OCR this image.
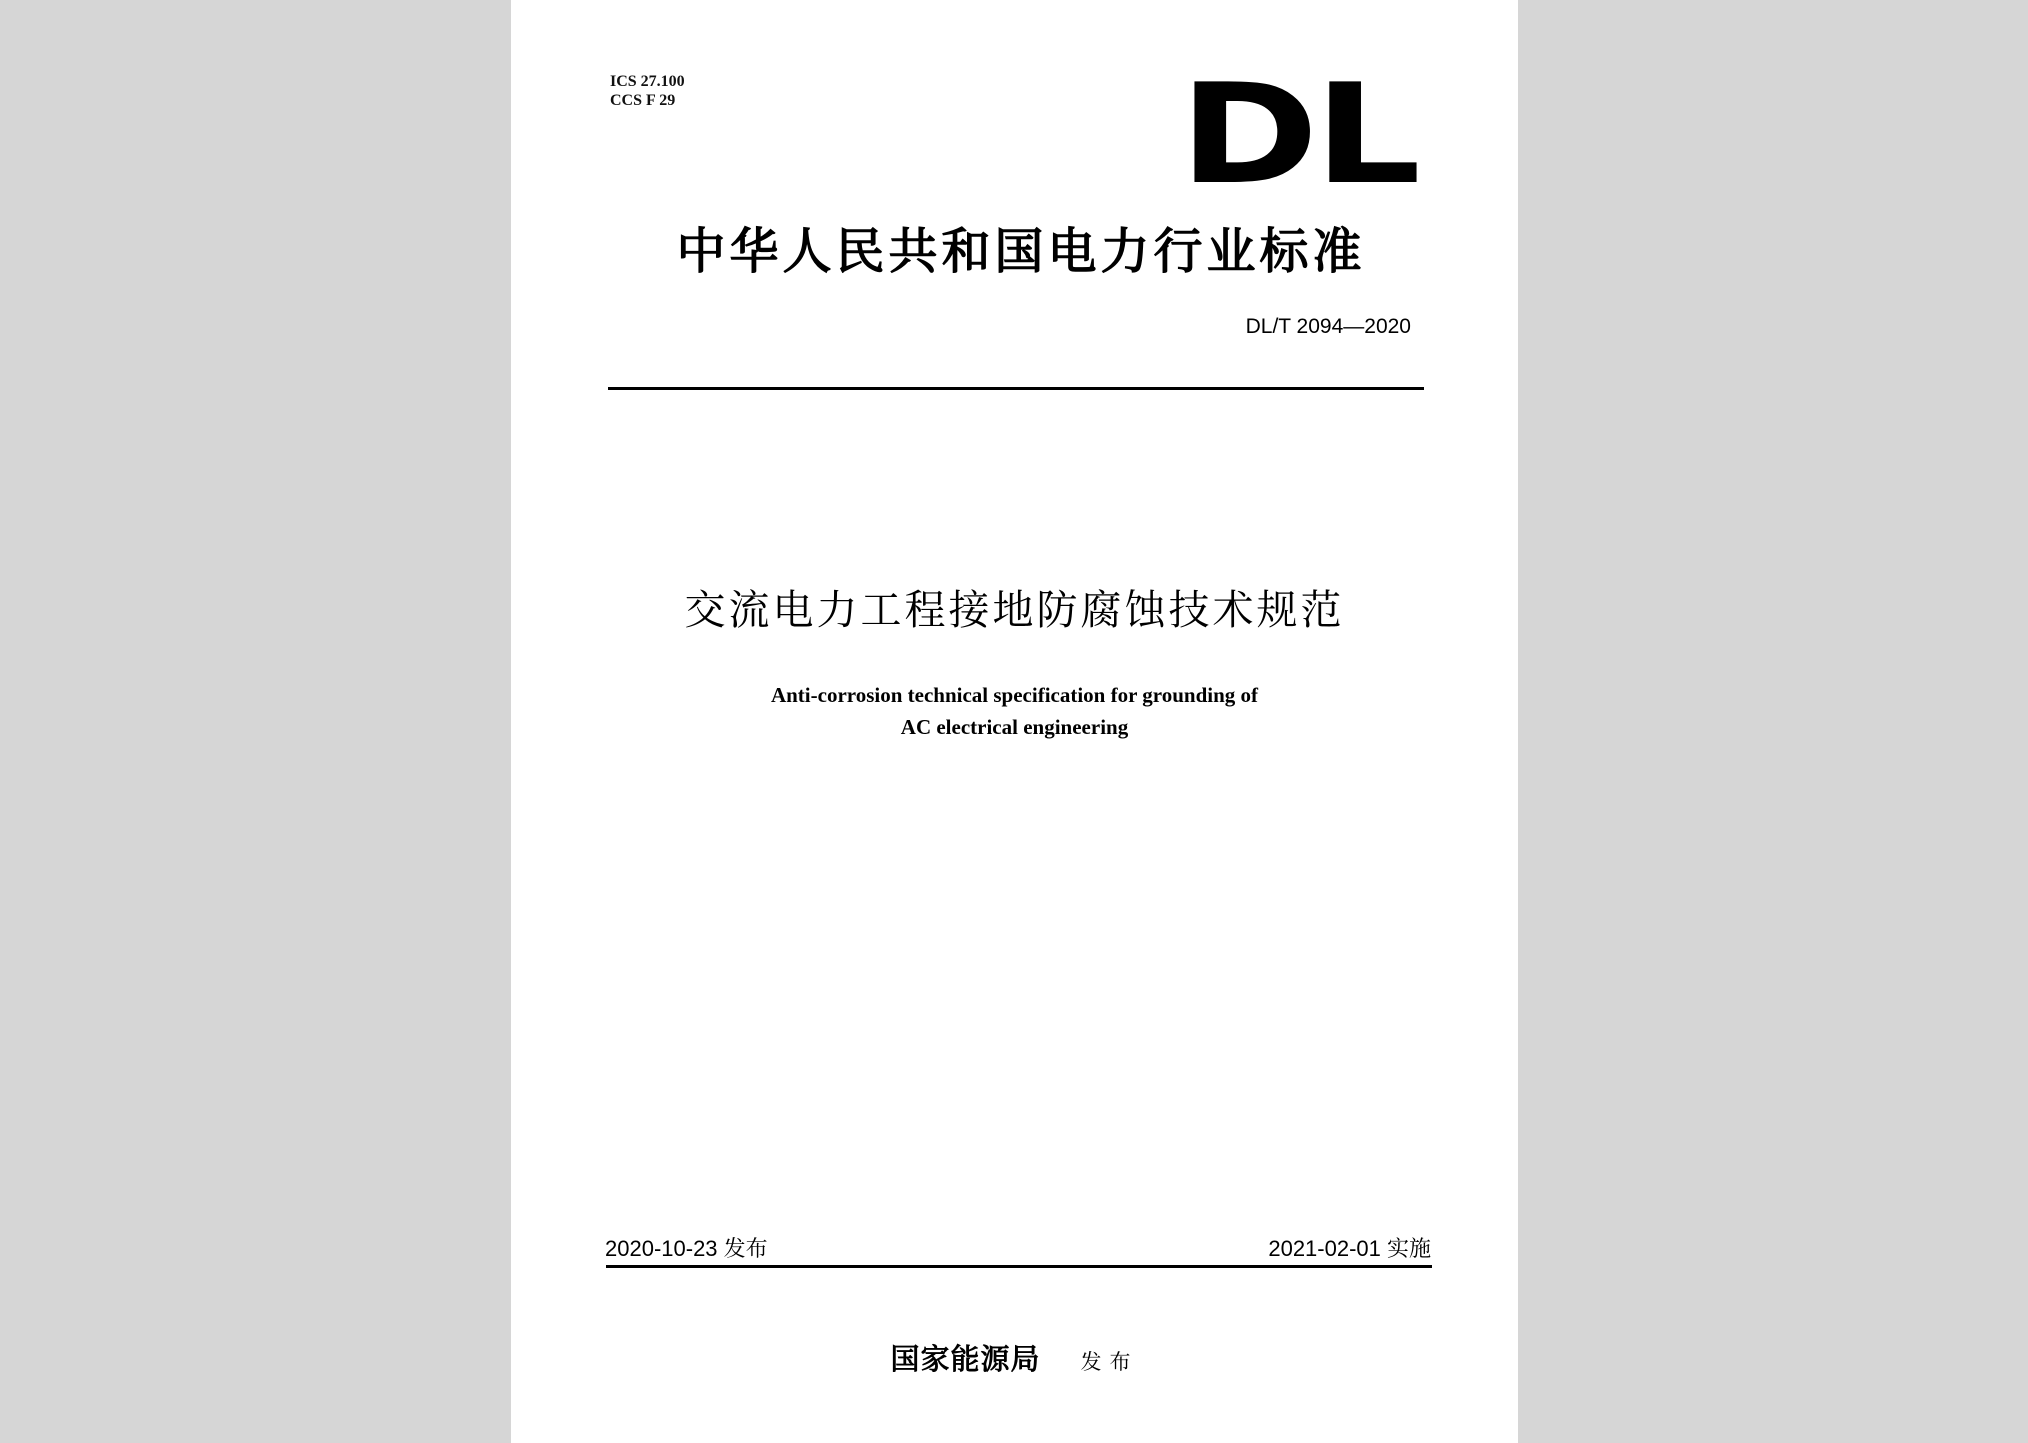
ICS 27.100
CCS F 29	DL
中华人民共和国电力行业标准
DL/T 2094—2020
交流电力工程接地防腐蚀技术规范
Anti-corrosion technical specification for grounding of
AC electrical engineering
2020-10-23 发布	2021-02-01 实施
国家能源局 发布
